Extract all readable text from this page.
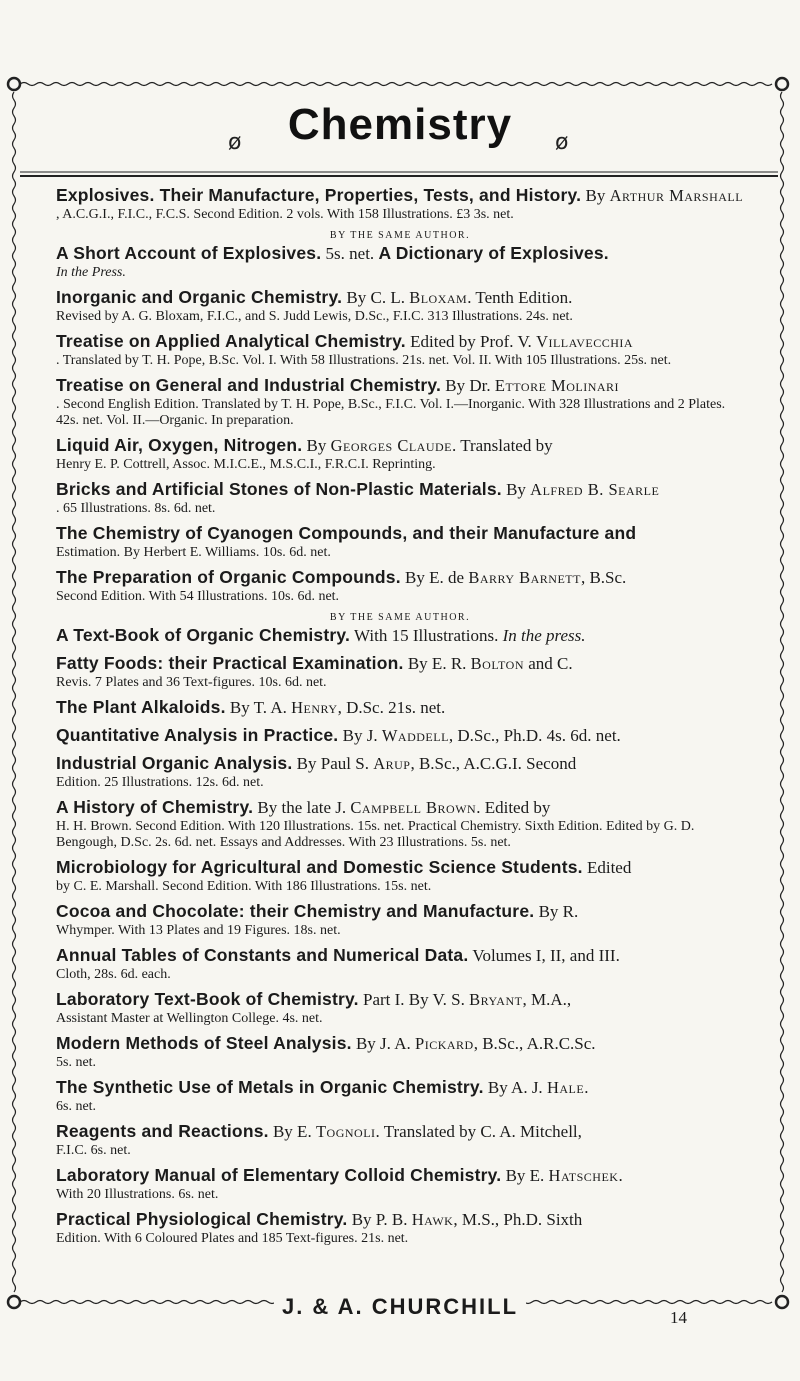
Chemistry
ø	ø
Explosives. Their Manufacture, Properties, Tests, and History. By Arthur Marshall
, A.C.G.I., F.I.C., F.C.S. Second Edition. 2 vols. With 158 Illustrations. £3 3s. net.
BY THE SAME AUTHOR.
A Short Account of Explosives. 5s. net. A Dictionary of Explosives.
In the Press.
Inorganic and Organic Chemistry. By C. L. Bloxam. Tenth Edition.
Revised by A. G. Bloxam, F.I.C., and S. Judd Lewis, D.Sc., F.I.C. 313 Illustrations. 24s. net.
Treatise on Applied Analytical Chemistry. Edited by Prof. V. Villavecchia
. Translated by T. H. Pope, B.Sc. Vol. I. With 58 Illustrations. 21s. net. Vol. II. With 105 Illustrations. 25s. net.
Treatise on General and Industrial Chemistry. By Dr. Ettore Molinari
. Second English Edition. Translated by T. H. Pope, B.Sc., F.I.C. Vol. I.—Inorganic. With 328 Illustrations and 2 Plates. 42s. net. Vol. II.—Organic. In preparation.
Liquid Air, Oxygen, Nitrogen. By Georges Claude. Translated by
Henry E. P. Cottrell, Assoc. M.I.C.E., M.S.C.I., F.R.C.I. Reprinting.
Bricks and Artificial Stones of Non-Plastic Materials. By Alfred B. Searle
. 65 Illustrations. 8s. 6d. net.
The Chemistry of Cyanogen Compounds, and their Manufacture and
Estimation. By Herbert E. Williams. 10s. 6d. net.
The Preparation of Organic Compounds. By E. de Barry Barnett, B.Sc.
Second Edition. With 54 Illustrations. 10s. 6d. net.
BY THE SAME AUTHOR.
A Text-Book of Organic Chemistry. With 15 Illustrations. In the press.
Fatty Foods: their Practical Examination. By E. R. Bolton and C.
Revis. 7 Plates and 36 Text-figures. 10s. 6d. net.
The Plant Alkaloids. By T. A. Henry, D.Sc. 21s. net.
Quantitative Analysis in Practice. By J. Waddell, D.Sc., Ph.D. 4s. 6d. net.
Industrial Organic Analysis. By Paul S. Arup, B.Sc., A.C.G.I. Second
Edition. 25 Illustrations. 12s. 6d. net.
A History of Chemistry. By the late J. Campbell Brown. Edited by
H. H. Brown. Second Edition. With 120 Illustrations. 15s. net. Practical Chemistry. Sixth Edition. Edited by G. D. Bengough, D.Sc. 2s. 6d. net. Essays and Addresses. With 23 Illustrations. 5s. net.
Microbiology for Agricultural and Domestic Science Students. Edited
by C. E. Marshall. Second Edition. With 186 Illustrations. 15s. net.
Cocoa and Chocolate: their Chemistry and Manufacture. By R.
Whymper. With 13 Plates and 19 Figures. 18s. net.
Annual Tables of Constants and Numerical Data. Volumes I, II, and III.
Cloth, 28s. 6d. each.
Laboratory Text-Book of Chemistry. Part I. By V. S. Bryant, M.A.,
Assistant Master at Wellington College. 4s. net.
Modern Methods of Steel Analysis. By J. A. Pickard, B.Sc., A.R.C.Sc.
5s. net.
The Synthetic Use of Metals in Organic Chemistry. By A. J. Hale.
6s. net.
Reagents and Reactions. By E. Tognoli. Translated by C. A. Mitchell,
F.I.C. 6s. net.
Laboratory Manual of Elementary Colloid Chemistry. By E. Hatschek.
With 20 Illustrations. 6s. net.
Practical Physiological Chemistry. By P. B. Hawk, M.S., Ph.D. Sixth
Edition. With 6 Coloured Plates and 185 Text-figures. 21s. net.
J. & A. CHURCHILL	14
